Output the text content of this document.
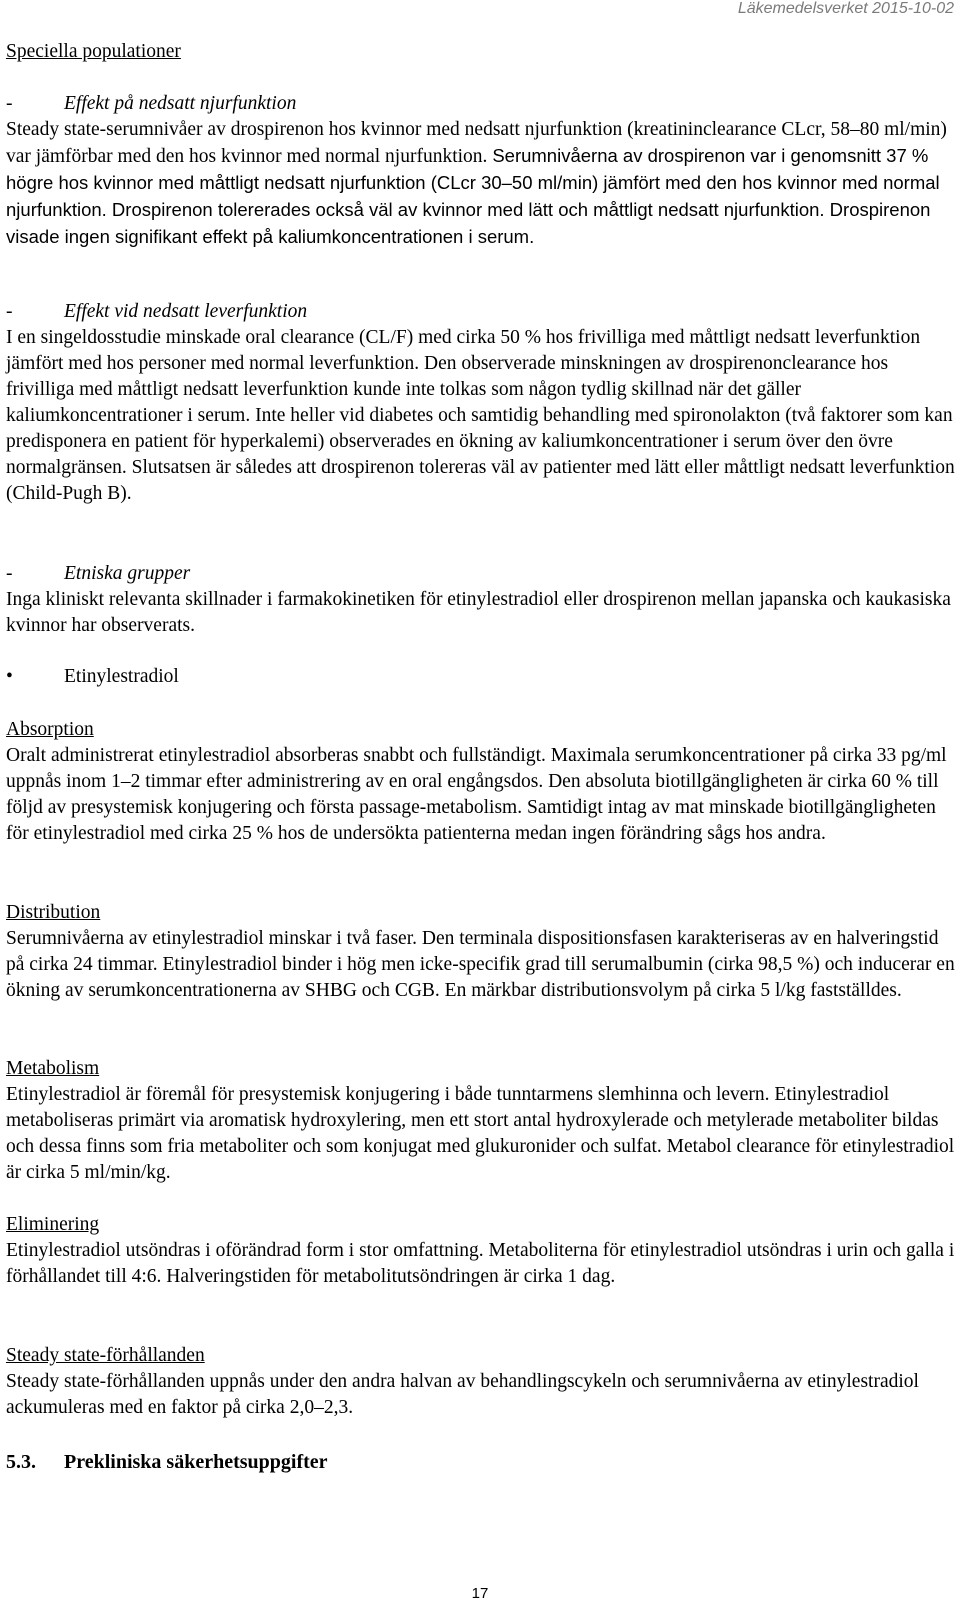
Läkemedelsverket 2015-10-02

Speciella populationer

-	Effekt på nedsatt njurfunktion

Steady state-serumnivåer av drospirenon hos kvinnor med nedsatt njurfunktion (kreatininclearance CLcr, 58–80 ml/min) var jämförbar med den hos kvinnor med normal njurfunktion. Serumnivåerna av drospirenon var i genomsnitt 37 % högre hos kvinnor med måttligt nedsatt njurfunktion (CLcr 30–50 ml/min) jämfört med den hos kvinnor med normal njurfunktion. Drospirenon tolererades också väl av kvinnor med lätt och måttligt nedsatt njurfunktion. Drospirenon visade ingen signifikant effekt på kaliumkoncentrationen i serum.

-	Effekt vid nedsatt leverfunktion

I en singeldosstudie minskade oral clearance (CL/F) med cirka 50 % hos frivilliga med måttligt nedsatt leverfunktion jämfört med hos personer med normal leverfunktion. Den observerade minskningen av drospirenonclearance hos frivilliga med måttligt nedsatt leverfunktion kunde inte tolkas som någon tydlig skillnad när det gäller kaliumkoncentrationer i serum. Inte heller vid diabetes och samtidig behandling med spironolakton (två faktorer som kan predisponera en patient för hyperkalemi) observerades en ökning av kaliumkoncentrationer i serum över den övre normalgränsen. Slutsatsen är således att drospirenon tolereras väl av patienter med lätt eller måttligt nedsatt leverfunktion (Child-Pugh B).

-	Etniska grupper

Inga kliniskt relevanta skillnader i farmakokinetiken för etinylestradiol eller drospirenon mellan japanska och kaukasiska kvinnor har observerats.

•	Etinylestradiol

Absorption

Oralt administrerat etinylestradiol absorberas snabbt och fullständigt. Maximala serumkoncentrationer på cirka 33 pg/ml uppnås inom 1–2 timmar efter administrering av en oral engångsdos. Den absoluta biotillgängligheten är cirka 60 % till följd av presystemisk konjugering och första passage-metabolism. Samtidigt intag av mat minskade biotillgängligheten för etinylestradiol med cirka 25 % hos de undersökta patienterna medan ingen förändring sågs hos andra.

Distribution

Serumnivåerna av etinylestradiol minskar i två faser. Den terminala dispositionsfasen karakteriseras av en halveringstid på cirka 24 timmar. Etinylestradiol binder i hög men icke-specifik grad till serumalbumin (cirka 98,5 %) och inducerar en ökning av serumkoncentrationerna av SHBG och CGB. En märkbar distributionsvolym på cirka 5 l/kg fastställdes.

Metabolism

Etinylestradiol är föremål för presystemisk konjugering i både tunntarmens slemhinna och levern. Etinylestradiol metaboliseras primärt via aromatisk hydroxylering, men ett stort antal hydroxylerade och metylerade metaboliter bildas och dessa finns som fria metaboliter och som konjugat med glukuronider och sulfat. Metabol clearance för etinylestradiol är cirka 5 ml/min/kg.

Eliminering

Etinylestradiol utsöndras i oförändrad form i stor omfattning. Metaboliterna för etinylestradiol utsöndras i urin och galla i förhållandet till 4:6. Halveringstiden för metabolitutsöndringen är cirka 1 dag.

Steady state-förhållanden

Steady state-förhållanden uppnås under den andra halvan av behandlingscykeln och serumnivåerna av etinylestradiol ackumuleras med en faktor på cirka 2,0–2,3.

5.3. Prekliniska säkerhetsuppgifter

17
